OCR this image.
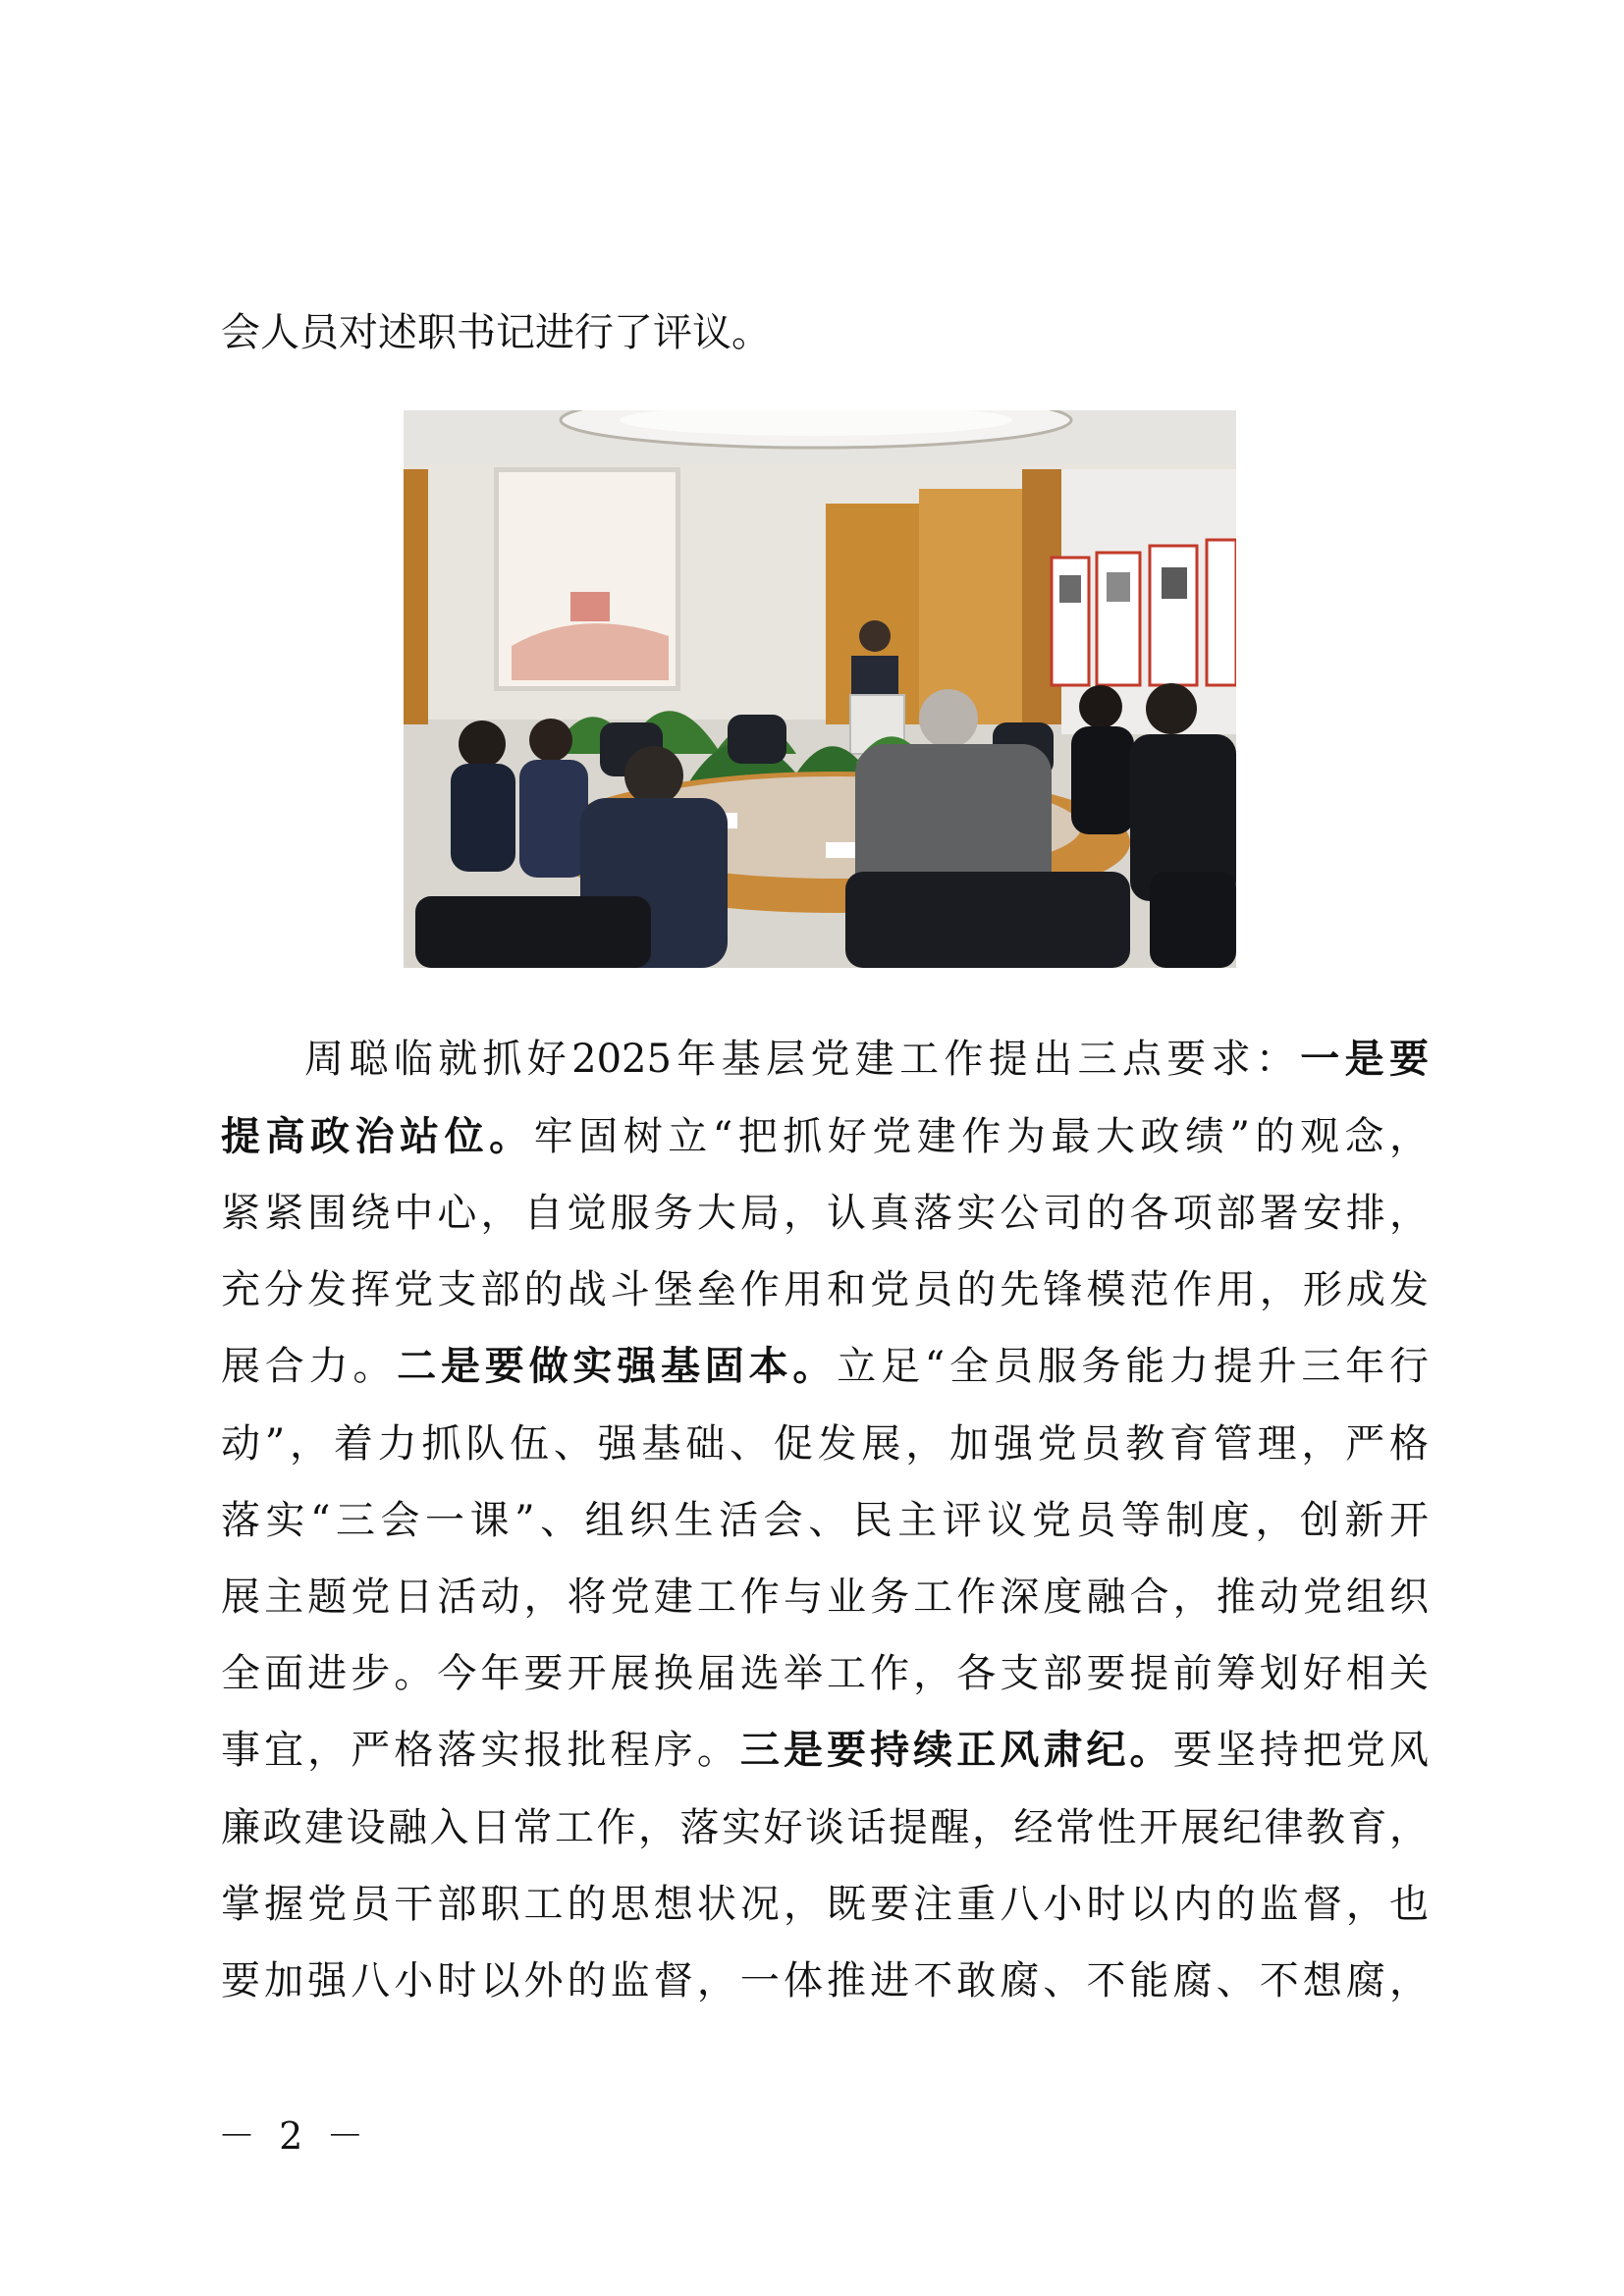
会人员对述职书记进行了评议。
周聪临就抓好2025年基层党建工作提出三点要求：一是要
提高政治站位。牢固树立“把抓好党建作为最大政绩”的观念，
紧紧围绕中心，自觉服务大局，认真落实公司的各项部署安排，
充分发挥党支部的战斗堡垒作用和党员的先锋模范作用，形成发
展合力。二是要做实强基固本。立足“全员服务能力提升三年行
动”，着力抓队伍、强基础、促发展，加强党员教育管理，严格
落实“三会一课”、组织生活会、民主评议党员等制度，创新开
展主题党日活动，将党建工作与业务工作深度融合，推动党组织
全面进步。今年要开展换届选举工作，各支部要提前筹划好相关
事宜，严格落实报批程序。三是要持续正风肃纪。要坚持把党风
廉政建设融入日常工作，落实好谈话提醒，经常性开展纪律教育，
掌握党员干部职工的思想状况，既要注重八小时以内的监督，也
要加强八小时以外的监督，一体推进不敢腐、不能腐、不想腐，
－ 2 －
